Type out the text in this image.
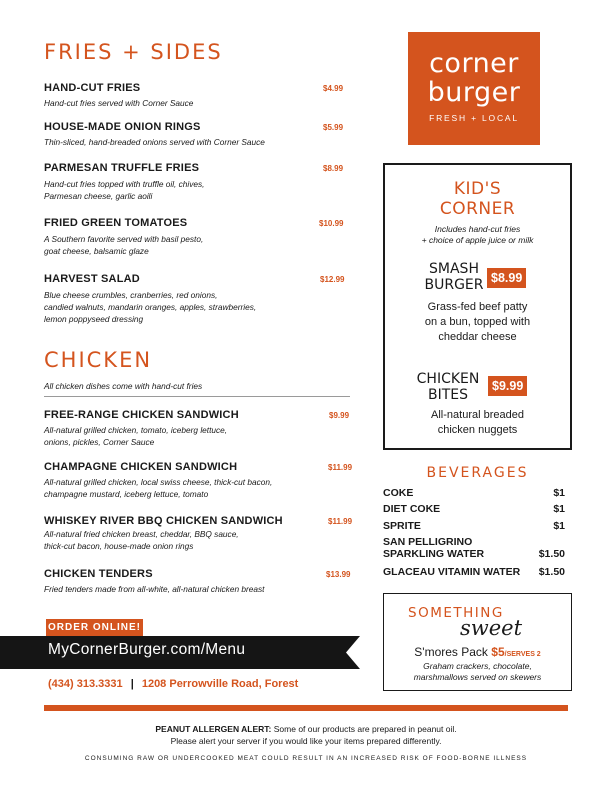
FRIES + SIDES
HAND-CUT FRIES
Hand-cut fries served with Corner Sauce
$4.99
HOUSE-MADE ONION RINGS
Thin-sliced, hand-breaded onions served with Corner Sauce
$5.99
PARMESAN TRUFFLE FRIES
Hand-cut fries topped with truffle oil, chives,
Parmesan cheese, garlic aoili
$8.99
FRIED GREEN TOMATOES
A Southern favorite served with basil pesto,
goat cheese, balsamic glaze
$10.99
HARVEST SALAD
Blue cheese crumbles, cranberries, red onions,
candied walnuts, mandarin oranges, apples, strawberries,
lemon poppyseed dressing
$12.99
CHICKEN
All chicken dishes come with hand-cut fries
FREE-RANGE CHICKEN SANDWICH
All-natural grilled chicken, tomato, iceberg lettuce,
onions, pickles, Corner Sauce
$9.99
CHAMPAGNE CHICKEN SANDWICH
All-natural grilled chicken, local swiss cheese, thick-cut bacon,
champagne mustard, iceberg lettuce, tomato
$11.99
WHISKEY RIVER BBQ CHICKEN SANDWICH
All-natural fried chicken breast, cheddar, BBQ sauce,
thick-cut bacon, house-made onion rings
$11.99
CHICKEN TENDERS
Fried tenders made from all-white, all-natural chicken breast
$13.99
ORDER ONLINE!
MyCornerBurger.com/Menu
(434) 313.3331 | 1208 Perrowville Road, Forest
corner
burger
FRESH + LOCAL
KID'S
CORNER
Includes hand-cut fries
+ choice of apple juice or milk
SMASH
BURGER $8.99
Grass-fed beef patty
on a bun, topped with
cheddar cheese
CHICKEN
BITES
$9.99
All-natural breaded
chicken nuggets
BEVERAGES
COKE	$1
DIET COKE	$1
SPRITE	$1
SAN PELLIGRINO
SPARKLING WATER	$1.50
GLACEAU VITAMIN WATER $1.50
SOMETHING
sweet
S'mores Pack $5/SERVES 2
Graham crackers, chocolate,
marshmallows served on skewers
PEANUT ALLERGEN ALERT: Some of our products are prepared in peanut oil.
Please alert your server if you would like your items prepared differently.
CONSUMING RAW OR UNDERCOOKED MEAT COULD RESULT IN AN INCREASED RISK OF FOOD-BORNE ILLNESS
